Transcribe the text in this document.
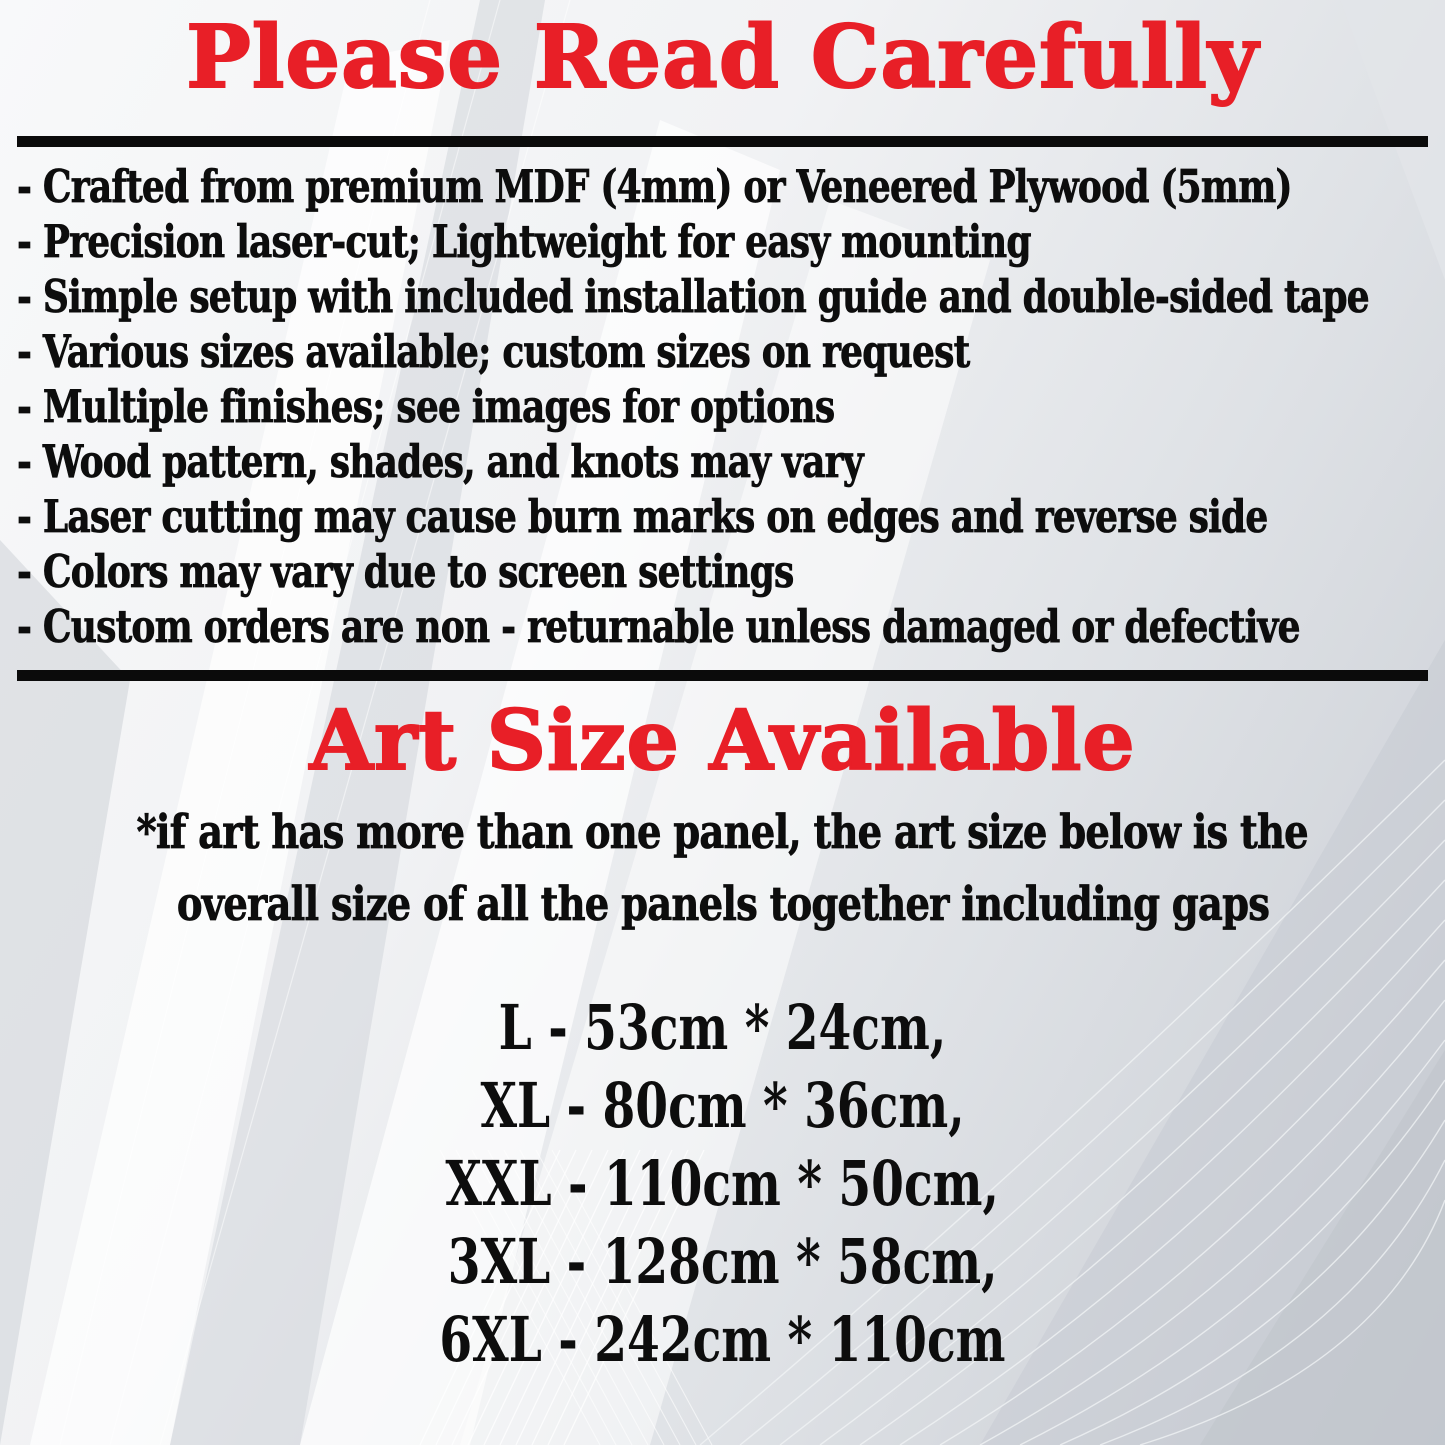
Please Read Carefully
- Crafted from premium MDF (4mm) or Veneered Plywood (5mm)
- Precision laser-cut; Lightweight for easy mounting
- Simple setup with included installation guide and double-sided tape
- Various sizes available; custom sizes on request
- Multiple finishes; see images for options
- Wood pattern, shades, and knots may vary
- Laser cutting may cause burn marks on edges and reverse side
- Colors may vary due to screen settings
- Custom orders are non - returnable unless damaged or defective
Art Size Available
*if art has more than one panel, the art size below is the
overall size of all the panels together including gaps
L - 53cm * 24cm,
XL - 80cm * 36cm,
XXL - 110cm * 50cm,
3XL - 128cm * 58cm,
6XL - 242cm * 110cm
